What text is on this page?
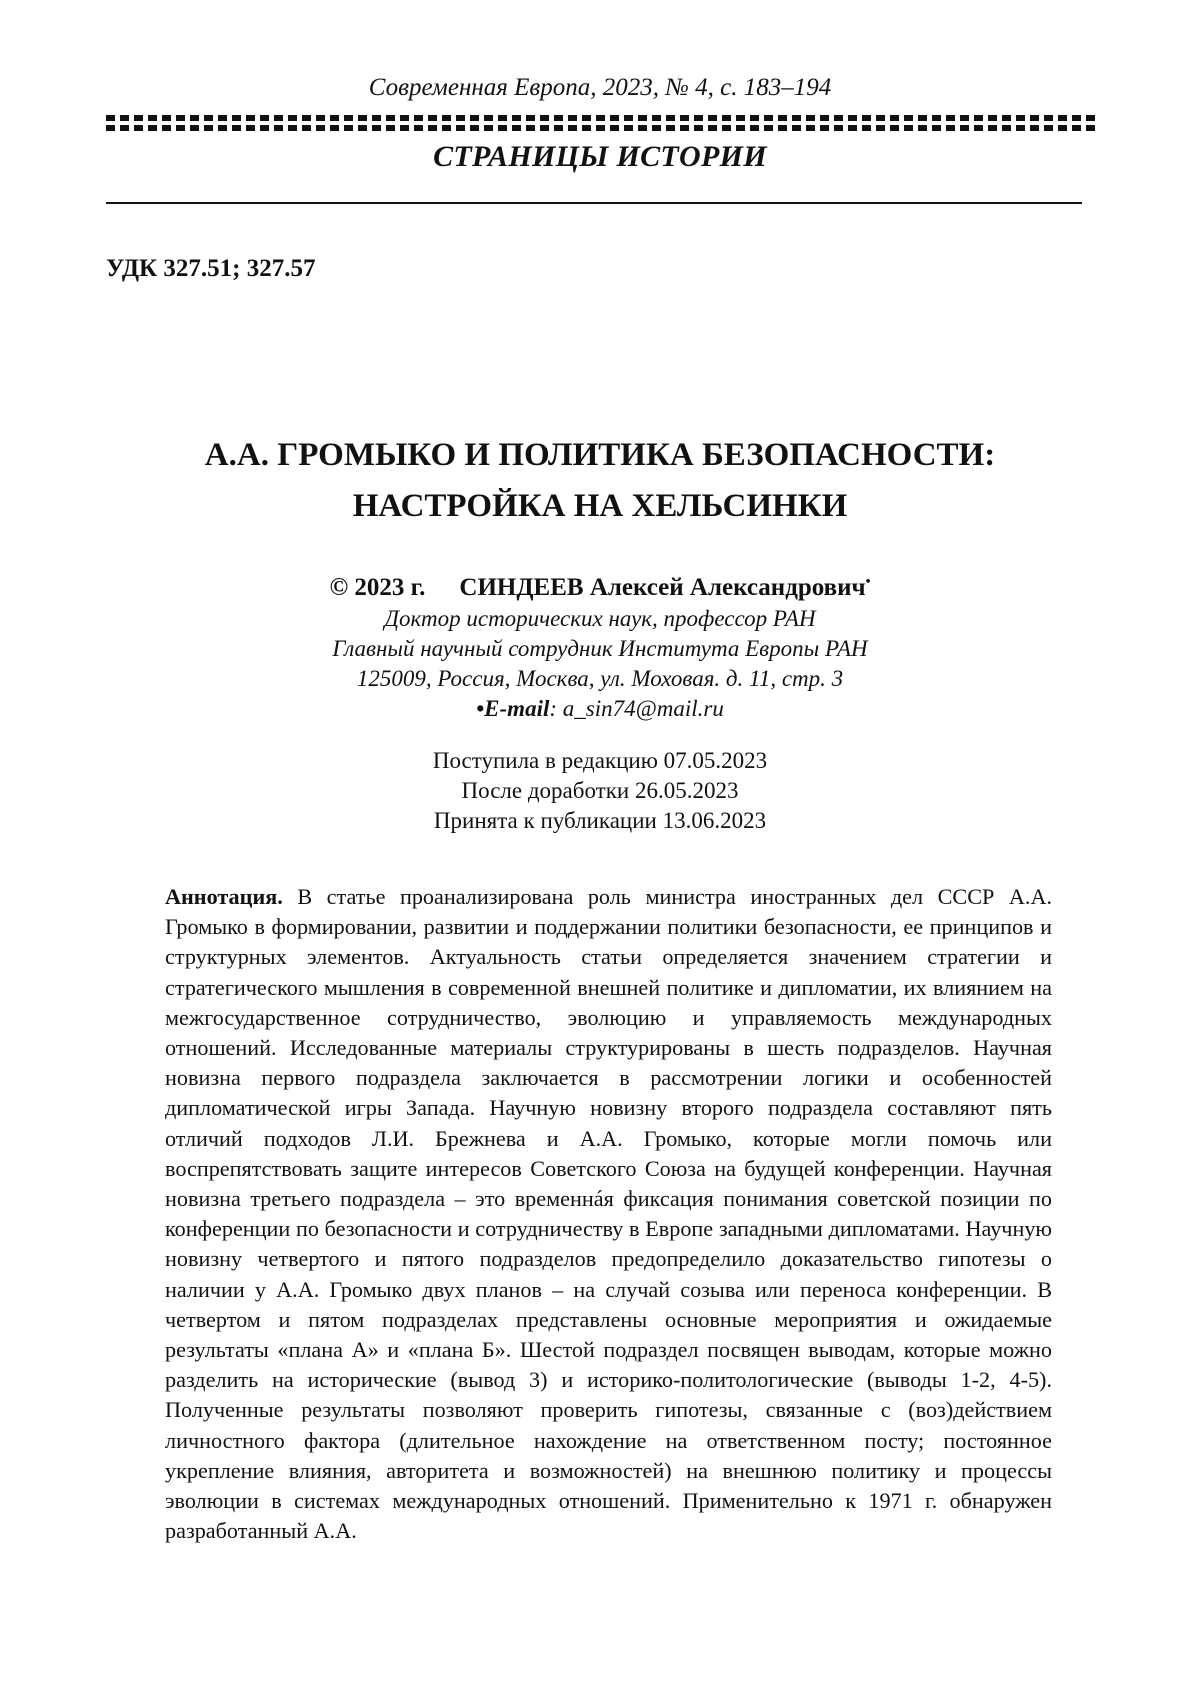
Современная Европа, 2023, № 4, с. 183–194
СТРАНИЦЫ ИСТОРИИ
УДК 327.51; 327.57
А.А. ГРОМЫКО И ПОЛИТИКА БЕЗОПАСНОСТИ:
НАСТРОЙКА НА ХЕЛЬСИНКИ
© 2023 г. СИНДЕЕВ Алексей Александрович•
Доктор исторических наук, профессор РАН
Главный научный сотрудник Института Европы РАН
125009, Россия, Москва, ул. Моховая. д. 11, стр. 3
•E-mail: a_sin74@mail.ru
Поступила в редакцию 07.05.2023
После доработки 26.05.2023
Принята к публикации 13.06.2023
Аннотация. В статье проанализирована роль министра иностранных дел СССР А.А. Громыко в формировании, развитии и поддержании политики безопасности, ее принципов и структурных элементов. Актуальность статьи определяется значением стратегии и стратегического мышления в современной внешней политике и дипломатии, их влиянием на межгосударственное сотрудничество, эволюцию и управляемость международных отношений. Исследованные материалы структурированы в шесть подразделов. Научная новизна первого подраздела заключается в рассмотрении логики и особенностей дипломатической игры Запада. Научную новизну второго подраздела составляют пять отличий подходов Л.И. Брежнева и А.А. Громыко, которые могли помочь или воспрепятствовать защите интересов Советского Союза на будущей конференции. Научная новизна третьего подраздела – это временнáя фиксация понимания советской позиции по конференции по безопасности и сотрудничеству в Европе западными дипломатами. Научную новизну четвертого и пятого подразделов предопределило доказательство гипотезы о наличии у А.А. Громыко двух планов – на случай созыва или переноса конференции. В четвертом и пятом подразделах представлены основные мероприятия и ожидаемые результаты «плана А» и «плана Б». Шестой подраздел посвящен выводам, которые можно разделить на исторические (вывод 3) и историко-политологические (выводы 1-2, 4-5). Полученные результаты позволяют проверить гипотезы, связанные с (воз)действием личностного фактора (длительное нахождение на ответственном посту; постоянное укрепление влияния, авторитета и возможностей) на внешнюю политику и процессы эволюции в системах международных отношений. Применительно к 1971 г. обнаружен разработанный А.А.
